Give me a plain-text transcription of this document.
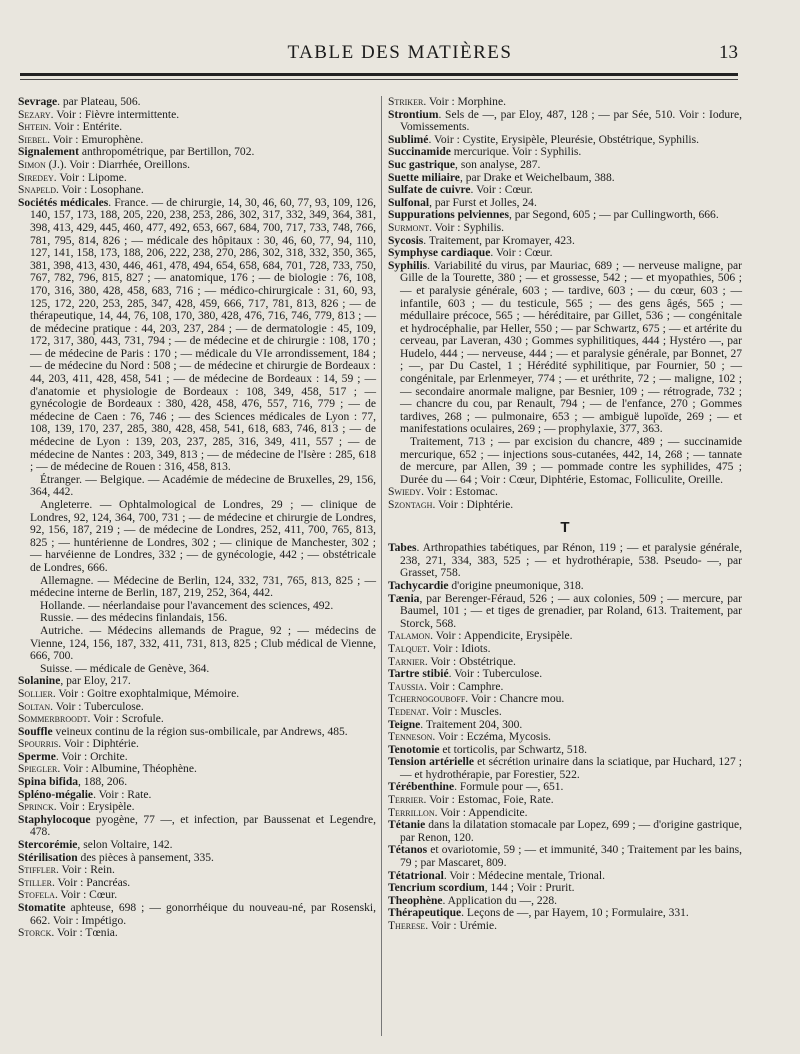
TABLE DES MATIÈRES	13

Sevrage. par Plateau, 506.

Sezary. Voir : Fièvre intermittente.

Shtein. Voir : Entérite.

Siebel. Voir : Emurophène.

Signalement anthropométrique, par Bertillon, 702.

Simon (J.). Voir : Diarrhée, Oreillons.

Siredey. Voir : Lipome.

Snapeld. Voir : Losophane.

Sociétés médicales. France. — de chirurgie, 14, 30, 46, 60, 77, 93, 109, 126, 140, 157, 173, 188, 205, 220, 238, 253, 286, 302, 317, 332, 349, 364, 381, 398, 413, 429, 445, 460, 477, 492, 653, 667, 684, 700, 717, 733, 748, 766, 781, 795, 814, 826 ; — médicale des hôpitaux : 30, 46, 60, 77, 94, 110, 127, 141, 158, 173, 188, 206, 222, 238, 270, 286, 302, 318, 332, 350, 365, 381, 398, 413, 430, 446, 461, 478, 494, 654, 658, 684, 701, 728, 733, 750, 767, 782, 796, 815, 827 ; — anatomique, 176 ; — de biologie : 76, 108, 170, 316, 380, 428, 458, 683, 716 ; — médico-chirurgicale : 31, 60, 93, 125, 172, 220, 253, 285, 347, 428, 459, 666, 717, 781, 813, 826 ; — de thérapeutique, 14, 44, 76, 108, 170, 380, 428, 476, 716, 746, 779, 813 ; — de médecine pratique : 44, 203, 237, 284 ; — de dermatologie : 45, 109, 172, 317, 380, 443, 731, 794 ; — de médecine et de chirurgie : 108, 170 ; — de médecine de Paris : 170 ; — médicale du VIe arrondissement, 184 ; — de médecine du Nord : 508 ; — de médecine et chirurgie de Bordeaux : 44, 203, 411, 428, 458, 541 ; — de médecine de Bordeaux : 14, 59 ; — d'anatomie et physiologie de Bordeaux : 108, 349, 458, 517 ; — gynécologie de Bordeaux : 380, 428, 458, 476, 557, 716, 779 ; — de médecine de Caen : 76, 746 ; — des Sciences médicales de Lyon : 77, 108, 139, 170, 237, 285, 380, 428, 458, 541, 618, 683, 746, 813 ; — de médecine de Lyon : 139, 203, 237, 285, 316, 349, 411, 557 ; — de médecine de Nantes : 203, 349, 813 ; — de médecine de l'Isère : 285, 618 ; — de médecine de Rouen : 316, 458, 813.

Étranger. — Belgique. — Académie de médecine de Bruxelles, 29, 156, 364, 442.

Angleterre. — Ophtalmological de Londres, 29 ; — clinique de Londres, 92, 124, 364, 700, 731 ; — de médecine et chirurgie de Londres, 92, 156, 187, 219 ; — de médecine de Londres, 252, 411, 700, 765, 813, 825 ; — huntérienne de Londres, 302 ; — clinique de Manchester, 302 ; — harvéienne de Londres, 332 ; — de gynécologie, 442 ; — obstétricale de Londres, 666.

Allemagne. — Médecine de Berlin, 124, 332, 731, 765, 813, 825 ; — médecine interne de Berlin, 187, 219, 252, 364, 442.

Hollande. — néerlandaise pour l'avancement des sciences, 492.

Russie. — des médecins finlandais, 156.

Autriche. — Médecins allemands de Prague, 92 ; — médecins de Vienne, 124, 156, 187, 332, 411, 731, 813, 825 ; Club médical de Vienne, 666, 700.

Suisse. — médicale de Genève, 364.

Solanine, par Eloy, 217.

Sollier. Voir : Goitre exophtalmique, Mémoire.

Soltan. Voir : Tuberculose.

Sommerbroodt. Voir : Scrofule.

Souffle veineux continu de la région sus-ombilicale, par Andrews, 485.

Spourris. Voir : Diphtérie.

Sperme. Voir : Orchite.

Spiegler. Voir : Albumine, Théophène.

Spina bifida, 188, 206.

Spléno-mégalie. Voir : Rate.

Sprinck. Voir : Erysipèle.

Staphylocoque pyogène, 77 —, et infection, par Baussenat et Legendre, 478.

Stercorémie, selon Voltaire, 142.

Stérilisation des pièces à pansement, 335.

Stiffler. Voir : Rein.

Stiller. Voir : Pancréas.

Stofela. Voir : Cœur.

Stomatite aphteuse, 698 ; — gonorrhéique du nouveau-né, par Rosenski, 662. Voir : Impétigo.

Storck. Voir : Tœnia.

Striker. Voir : Morphine.

Strontium. Sels de —, par Eloy, 487, 128 ; — par Sée, 510. Voir : Iodure, Vomissements.

Sublimé. Voir : Cystite, Erysipèle, Pleurésie, Obstétrique, Syphilis.

Succinamide mercurique. Voir : Syphilis.

Suc gastrique, son analyse, 287.

Suette miliaire, par Drake et Weichelbaum, 388.

Sulfate de cuivre. Voir : Cœur.

Sulfonal, par Furst et Jolles, 24.

Suppurations pelviennes, par Segond, 605 ; — par Cullingworth, 666.

Surmont. Voir : Syphilis.

Sycosis. Traitement, par Kromayer, 423.

Symphyse cardiaque. Voir : Cœur.

Syphilis. Variabilité du virus, par Mauriac, 689 ; — nerveuse maligne, par Gille de la Tourette, 380 ; — et grossesse, 542 ; — et myopathies, 506 ; — et paralysie générale, 603 ; — tardive, 603 ; — du cœur, 603 ; — infantile, 603 ; — du testicule, 565 ; — des gens âgés, 565 ; — médullaire précoce, 565 ; — héréditaire, par Gillet, 536 ; — congénitale et hydrocéphalie, par Heller, 550 ; — par Schwartz, 675 ; — et artérite du cerveau, par Laveran, 430 ; Gommes syphilitiques, 444 ; Hystéro —, par Hudelo, 444 ; — nerveuse, 444 ; — et paralysie générale, par Bonnet, 27 ; —, par Du Castel, 1 ; Hérédité syphilitique, par Fournier, 50 ; — congénitale, par Erlenmeyer, 774 ; — et uréthrite, 72 ; — maligne, 102 ; — secondaire anormale maligne, par Besnier, 109 ; — rétrograde, 732 ; — chancre du cou, par Renault, 794 ; — de l'enfance, 270 ; Gommes tardives, 268 ; — pulmonaire, 653 ; — ambiguë lupoïde, 269 ; — et manifestations oculaires, 269 ; — prophylaxie, 377, 363.

Traitement, 713 ; — par excision du chancre, 489 ; — succinamide mercurique, 652 ; — injections sous-cutanées, 442, 14, 268 ; — tannate de mercure, par Allen, 39 ; — pommade contre les syphilides, 475 ; Durée du — 64 ; Voir : Cœur, Diphtérie, Estomac, Folliculite, Oreille.

Swiedy. Voir : Estomac.

Szontagh. Voir : Diphtérie.

T

Tabes. Arthropathies tabétiques, par Rénon, 119 ; — et paralysie générale, 238, 271, 334, 383, 525 ; — et hydrothérapie, 538. Pseudo- —, par Grasset, 758.

Tachycardie d'origine pneumonique, 318.

Tænia, par Berenger-Féraud, 526 ; — aux colonies, 509 ; — mercure, par Baumel, 101 ; — et tiges de grenadier, par Roland, 613. Traitement, par Storck, 568.

Talamon. Voir : Appendicite, Erysipèle.

Talquet. Voir : Idiots.

Tarnier. Voir : Obstétrique.

Tartre stibié. Voir : Tuberculose.

Taussia. Voir : Camphre.

Tchernogouboff. Voir : Chancre mou.

Tedenat. Voir : Muscles.

Teigne. Traitement 204, 300.

Tenneson. Voir : Eczéma, Mycosis.

Tenotomie et torticolis, par Schwartz, 518.

Tension artérielle et sécrétion urinaire dans la sciatique, par Huchard, 127 ; — et hydrothérapie, par Forestier, 522.

Térébenthine. Formule pour —, 651.

Terrier. Voir : Estomac, Foie, Rate.

Terrillon. Voir : Appendicite.

Tétanie dans la dilatation stomacale par Lopez, 699 ; — d'origine gastrique, par Renon, 120.

Tétanos et ovariotomie, 59 ; — et immunité, 340 ; Traitement par les bains, 79 ; par Mascaret, 809.

Tétatrional. Voir : Médecine mentale, Trional.

Tencrium scordium, 144 ; Voir : Prurit.

Theophène. Application du —, 228.

Thérapeutique. Leçons de —, par Hayem, 10 ; Formulaire, 331.

Therese. Voir : Urémie.
